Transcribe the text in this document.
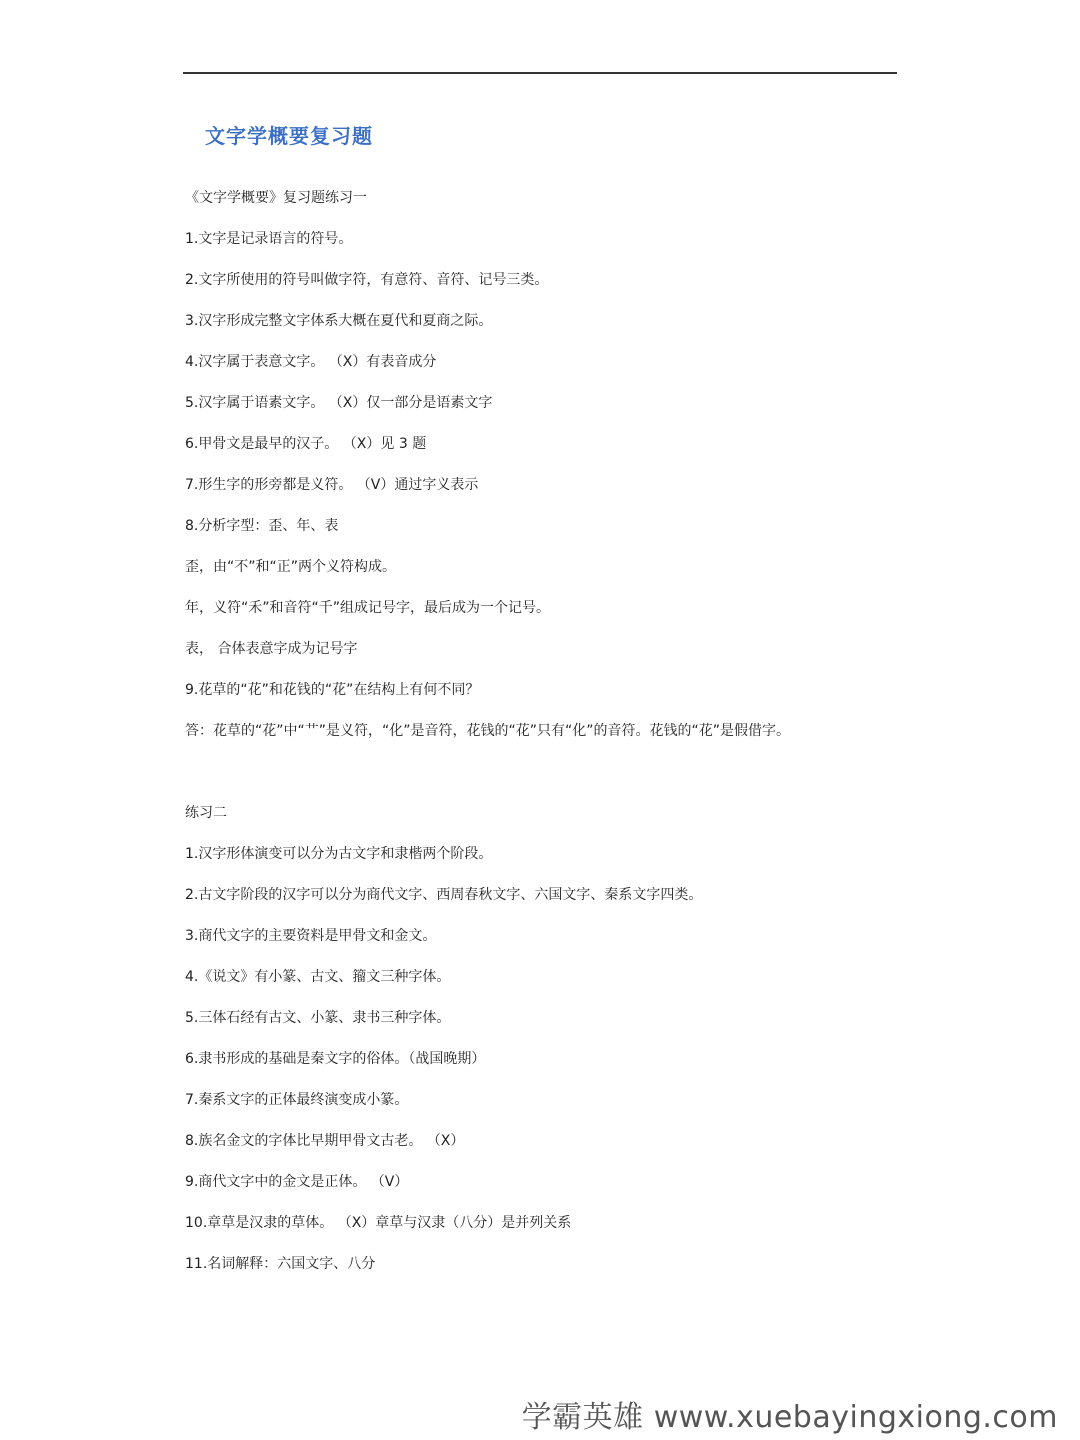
文字学概要复习题
《文字学概要》复习题练习一
1.文字是记录语言的符号。
2.文字所使用的符号叫做字符，有意符、音符、记号三类。
3.汉字形成完整文字体系大概在夏代和夏商之际。
4.汉字属于表意文字。 （X）有表音成分
5.汉字属于语素文字。 （X）仅一部分是语素文字
6.甲骨文是最早的汉子。 （X）见 3 题
7.形生字的形旁都是义符。 （V）通过字义表示
8.分析字型：歪、年、表
歪，由“不”和“正”两个义符构成。
年，义符“禾”和音符“千”组成记号字，最后成为一个记号。
表， 合体表意字成为记号字
9.花草的“花”和花钱的“花”在结构上有何不同？
答：花草的“花”中“艹”是义符，“化”是音符，花钱的“花”只有“化”的音符。花钱的“花”是假借字。
练习二
1.汉字形体演变可以分为古文字和隶楷两个阶段。
2.古文字阶段的汉字可以分为商代文字、西周春秋文字、六国文字、秦系文字四类。
3.商代文字的主要资料是甲骨文和金文。
4.《说文》有小篆、古文、籀文三种字体。
5.三体石经有古文、小篆、隶书三种字体。
6.隶书形成的基础是秦文字的俗体。（战国晚期）
7.秦系文字的正体最终演变成小篆。
8.族名金文的字体比早期甲骨文古老。 （X）
9.商代文字中的金文是正体。 （V）
10.章草是汉隶的草体。 （X）章草与汉隶（八分）是并列关系
11.名词解释：六国文字、八分
学霸英雄 www.xuebayingxiong.com
